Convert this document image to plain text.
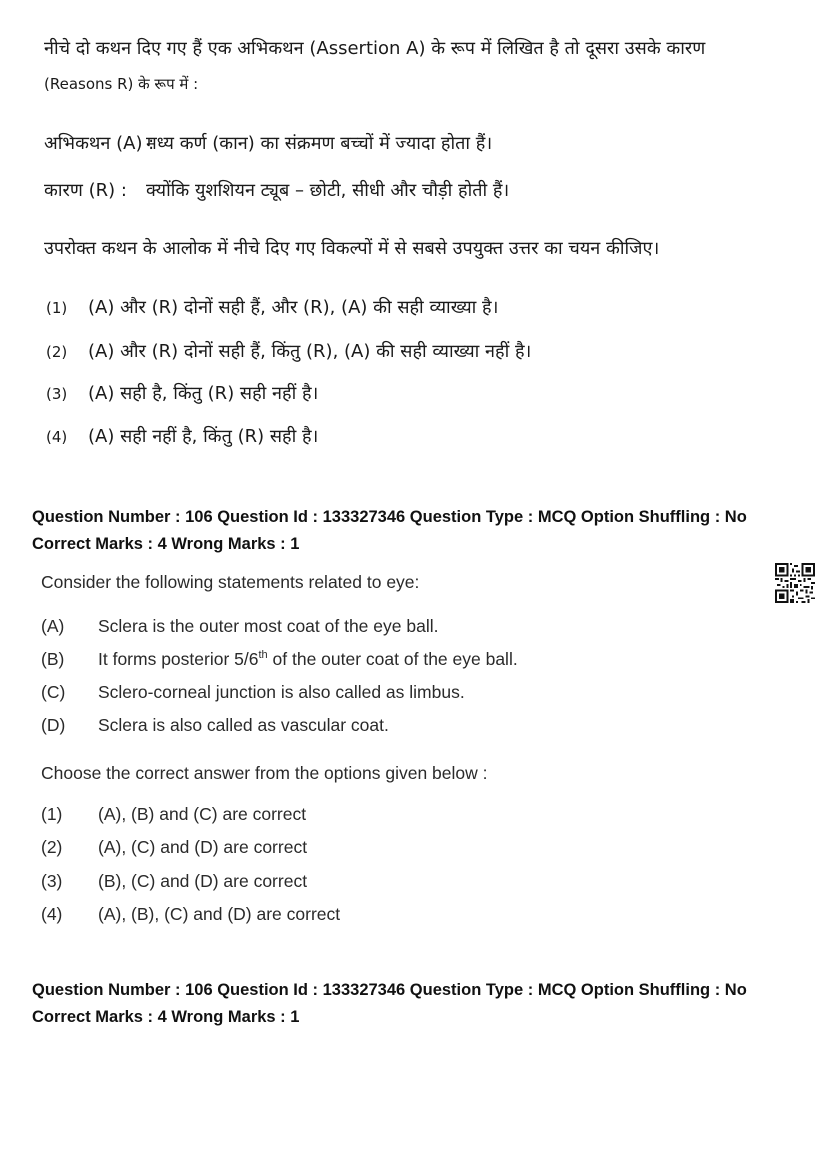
नीचे दो कथन दिए गए हैं एक अभिकथन (Assertion A) के रूप में लिखित है तो दूसरा उसके कारण
(Reasons R) के रूप में :
अभिकथन (A) :
मध्य कर्ण (कान) का संक्रमण बच्चों में ज्यादा होता हैं।
कारण (R) : क्योंकि युशशियन ट्यूब – छोटी, सीधी और चौड़ी होती हैं।
उपरोक्त कथन के आलोक में नीचे दिए गए विकल्पों में से सबसे उपयुक्त उत्तर का चयन कीजिए।
(1) (A) और (R) दोनों सही हैं, और (R), (A) की सही व्याख्या है।
(2) (A) और (R) दोनों सही हैं, किंतु (R), (A) की सही व्याख्या नहीं है।
(3) (A) सही है, किंतु (R) सही नहीं है।
(4) (A) सही नहीं है, किंतु (R) सही है।
Question Number : 106 Question Id : 133327346 Question Type : MCQ Option Shuffling : No
Correct Marks : 4 Wrong Marks : 1
Consider the following statements related to eye:
(A) Sclera is the outer most coat of the eye ball.
(B) It forms posterior 5/6th of the outer coat of the eye ball.
(C) Sclero-corneal junction is also called as limbus.
(D) Sclera is also called as vascular coat.
Choose the correct answer from the options given below :
(1) (A), (B) and (C) are correct
(2) (A), (C) and (D) are correct
(3) (B), (C) and (D) are correct
(4) (A), (B), (C) and (D) are correct
Question Number : 106 Question Id : 133327346 Question Type : MCQ Option Shuffling : No
Correct Marks : 4 Wrong Marks : 1
